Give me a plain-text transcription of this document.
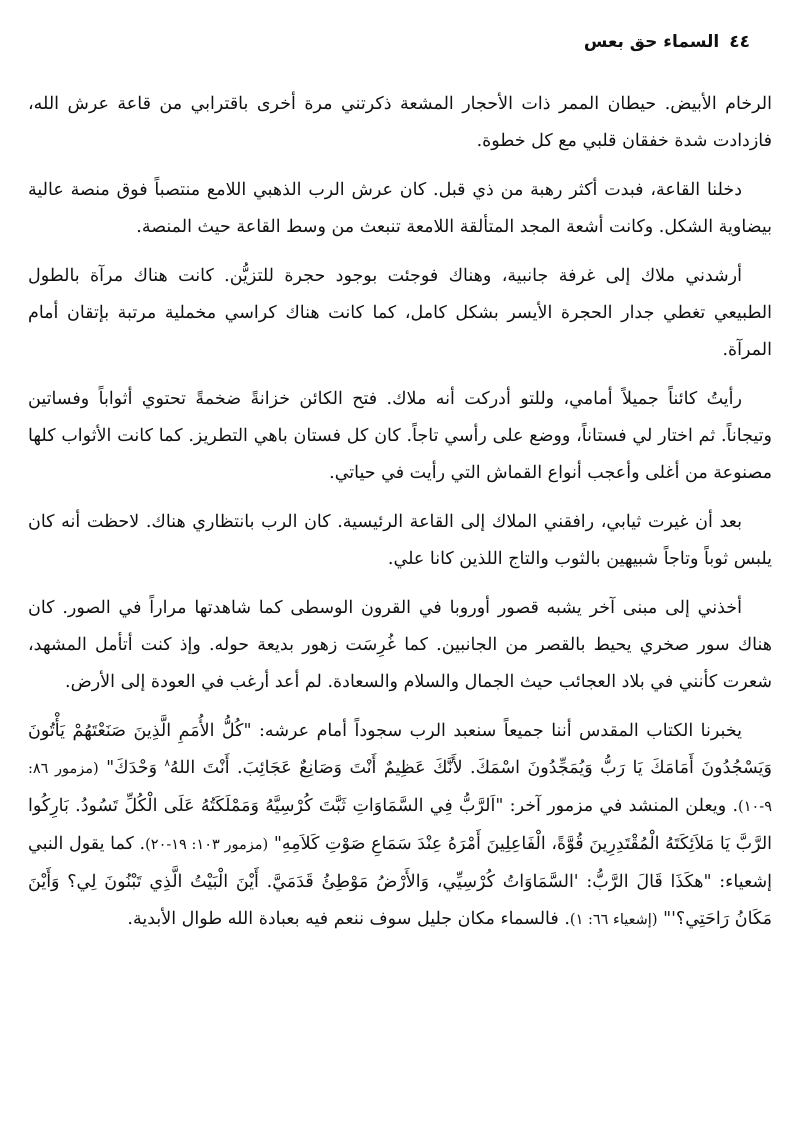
٤٤السماء حق بعس

الرخام الأبيض. حيطان الممر ذات الأحجار المشعة ذكرتني مرة أخرى باقترابي من قاعة عرش الله، فازدادت شدة خفقان قلبي مع كل خطوة.

دخلنا القاعة، فبدت أكثر رهبة من ذي قبل. كان عرش الرب الذهبي اللامع منتصباً فوق منصة عالية بيضاوية الشكل. وكانت أشعة المجد المتألقة اللامعة تنبعث من وسط القاعة حيث المنصة.

أرشدني ملاك إلى غرفة جانبية، وهناك فوجئت بوجود حجرة للتزيُّن. كانت هناك مرآة بالطول الطبيعي تغطي جدار الحجرة الأيسر بشكل كامل، كما كانت هناك كراسي مخملية مرتبة بإتقان أمام المرآة.

رأيتُ كائناً جميلاً أمامي، وللتو أدركت أنه ملاك. فتح الكائن خزانةً ضخمةً تحتوي أثواباً وفساتين وتيجاناً. ثم اختار لي فستاناً، ووضع على رأسي تاجاً. كان كل فستان باهي التطريز. كما كانت الأثواب كلها مصنوعة من أغلى وأعجب أنواع القماش التي رأيت في حياتي.

بعد أن غيرت ثيابي، رافقني الملاك إلى القاعة الرئيسية. كان الرب بانتظاري هناك. لاحظت أنه كان يلبس ثوباً وتاجاً شبيهين بالثوب والتاج اللذين كانا علي.

أخذني إلى مبنى آخر يشبه قصور أوروبا في القرون الوسطى كما شاهدتها مراراً في الصور. كان هناك سور صخري يحيط بالقصر من الجانبين. كما غُرِسَت زهور بديعة حوله. وإذ كنت أتأمل المشهد، شعرت كأنني في بلاد العجائب حيث الجمال والسلام والسعادة. لم أعد أرغب في العودة إلى الأرض.

يخبرنا الكتاب المقدس أننا جميعاً سنعبد الرب سجوداً أمام عرشه: "كُلُّ الأُمَمِ الَّذِينَ صَنَعْتَهُمْ يَأْتُونَ وَيَسْجُدُونَ أَمَامَكَ يَا رَبُّ وَيُمَجِّدُونَ اسْمَكَ. لأَنَّكَ عَظِيمٌ أَنْتَ وَصَانِعٌ عَجَائِبَ. أَنْتَ اللهُ$^٨$ وَحْدَكَ" (مزمور ٨٦: ٩-١٠). ويعلن المنشد في مزمور آخر: "اَلرَّبُّ فِي السَّمَاوَاتِ ثَبَّتَ كُرْسِيَّهُ وَمَمْلَكَتُهُ عَلَى الْكُلِّ تَسُودُ. بَارِكُوا الرَّبَّ يَا مَلاَئِكَتَهُ الْمُقْتَدِرِينَ قُوَّةً، الْفَاعِلِينَ أَمْرَهُ عِنْدَ سَمَاعِ صَوْتِ كَلاَمِهِ" (مزمور ١٠٣: ١٩-٢٠). كما يقول النبي إشعياء: "هكَذَا قَالَ الرَّبُّ: 'السَّمَاوَاتُ كُرْسِيِّي، وَالأَرْضُ مَوْطِئُ قَدَمَيَّ. أَيْنَ الْبَيْتُ الَّذِي تَبْنُونَ لِي؟ وَأَيْنَ مَكَانُ رَاحَتِي؟'" (إشعياء ٦٦: ١). فالسماء مكان جليل سوف ننعم فيه بعبادة الله طوال الأبدية.
